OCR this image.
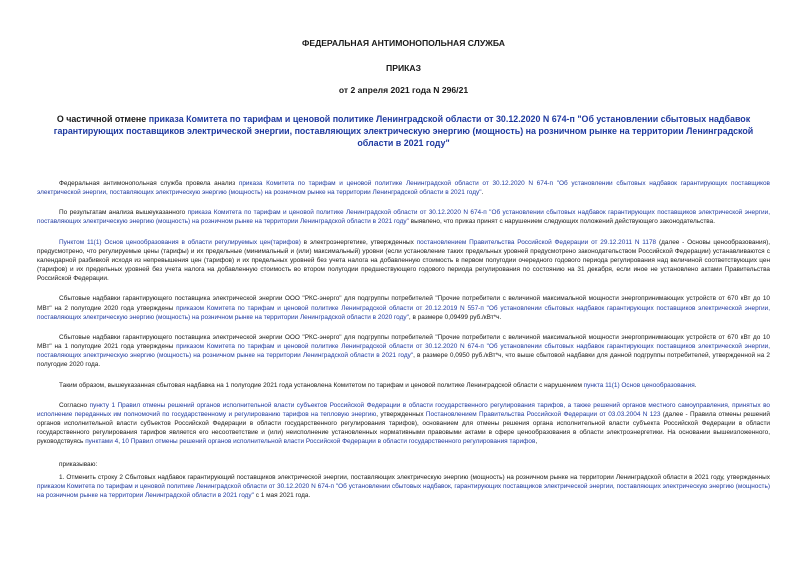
ФЕДЕРАЛЬНАЯ АНТИМОНОПОЛЬНАЯ СЛУЖБА
ПРИКАЗ
от 2 апреля 2021 года N 296/21
О частичной отмене приказа Комитета по тарифам и ценовой политике Ленинградской области от 30.12.2020 N 674-п "Об установлении сбытовых надбавок гарантирующих поставщиков электрической энергии, поставляющих электрическую энергию (мощность) на розничном рынке на территории Ленинградской области в 2021 году"

Федеральная антимонопольная служба провела анализ приказа Комитета по тарифам и ценовой политике Ленинградской области от 30.12.2020 N 674-п "Об установлении сбытовых надбавок гарантирующих поставщиков электрической энергии, поставляющих электрическую энергию (мощность) на розничном рынке на территории Ленинградской области в 2021 году".

По результатам анализа вышеуказанного приказа Комитета по тарифам и ценовой политике Ленинградской области от 30.12.2020 N 674-п "Об установлении сбытовых надбавок гарантирующих поставщиков электрической энергии, поставляющих электрическую энергию (мощность) на розничном рынке на территории Ленинградской области в 2021 году" выявлено, что приказ принят с нарушением следующих положений действующего законодательства.

Пунктом 11(1) Основ ценообразования в области регулируемых цен(тарифов) в электроэнергетике, утвержденных постановлением Правительства Российской Федерации от 29.12.2011 N 1178 (далее - Основы ценообразования), предусмотрено, что регулируемые цены (тарифы) и их предельные (минимальный и (или) максимальный) уровни (если установление таких предельных уровней предусмотрено законодательством Российской Федерации) устанавливаются с календарной разбивкой исходя из непревышения цен (тарифов) и их предельных уровней без учета налога на добавленную стоимость в первом полугодии очередного годового периода регулирования над величиной соответствующих цен (тарифов) и их предельных уровней без учета налога на добавленную стоимость во втором полугодии предшествующего годового периода регулирования по состоянию на 31 декабря, если иное не установлено актами Правительства Российской Федерации.

Сбытовые надбавки гарантирующего поставщика электрической энергии ООО "РКС-энерго" для подгруппы потребителей "Прочие потребители с величиной максимальной мощности энергопринимающих устройств от 670 кВт до 10 МВт" на 2 полугодие 2020 года утверждены приказом Комитета по тарифам и ценовой политике Ленинградской области от 20.12.2019 N 557-п "Об установлении сбытовых надбавок гарантирующих поставщиков электрической энергии, поставляющих электрическую энергию (мощность) на розничном рынке на территории Ленинградской области в 2020 году", в размере 0,09499 руб./кВт*ч.

Сбытовые надбавки гарантирующего поставщика электрической энергии ООО "РКС-энерго" для подгруппы потребителей "Прочие потребители с величиной максимальной мощности энергопринимающих устройств от 670 кВт до 10 МВт" на 1 полугодие 2021 года утверждены приказом Комитета по тарифам и ценовой политике Ленинградской области от 30.12.2020 N 674-п "Об установлении сбытовых надбавок гарантирующих поставщиков электрической энергии, поставляющих электрическую энергию (мощность) на розничном рынке на территории Ленинградской области в 2021 году", в размере 0,0950 руб./кВт*ч, что выше сбытовой надбавки для данной подгруппы потребителей, утвержденной на 2 полугодие 2020 года.

Таким образом, вышеуказанная сбытовая надбавка на 1 полугодие 2021 года установлена Комитетом по тарифам и ценовой политике Ленинградской области с нарушением пункта 11(1) Основ ценообразования.

Согласно пункту 1 Правил отмены решений органов исполнительной власти субъектов Российской Федерации в области государственного регулирования тарифов, а также решений органов местного самоуправления, принятых во исполнение переданных им полномочий по государственному и регулированию тарифов на тепловую энергию, утвержденных Постановлением Правительства Российской Федерации от 03.03.2004 N 123 (далее - Правила отмены решений органов исполнительной власти субъектов Российской Федерации в области государственного регулирования тарифов), основанием для отмены решения органа исполнительной власти субъекта Российской Федерации в области государственного регулирования тарифов является его несоответствие и (или) неисполнение установленных нормативными правовыми актами в сфере ценообразования в области электроэнергетики. На основании вышеизложенного, руководствуясь пунктами 4, 10 Правил отмены решений органов исполнительной власти Российской Федерации в области государственного регулирования тарифов,

приказываю:

1. Отменить строку 2 Сбытовых надбавок гарантирующий поставщиков электрической энергии, поставляющих электрическую энергию (мощность) на розничном рынке на территории Ленинградской области в 2021 году, утвержденных приказом Комитета по тарифам и ценовой политике Ленинградской области от 30.12.2020 N 674-п "Об установлении сбытовых надбавок, гарантирующих поставщиков электрической энергии, поставляющих электрическую энергию (мощность) на розничном рынке на территории Ленинградской области в 2021 году" с 1 мая 2021 года.
